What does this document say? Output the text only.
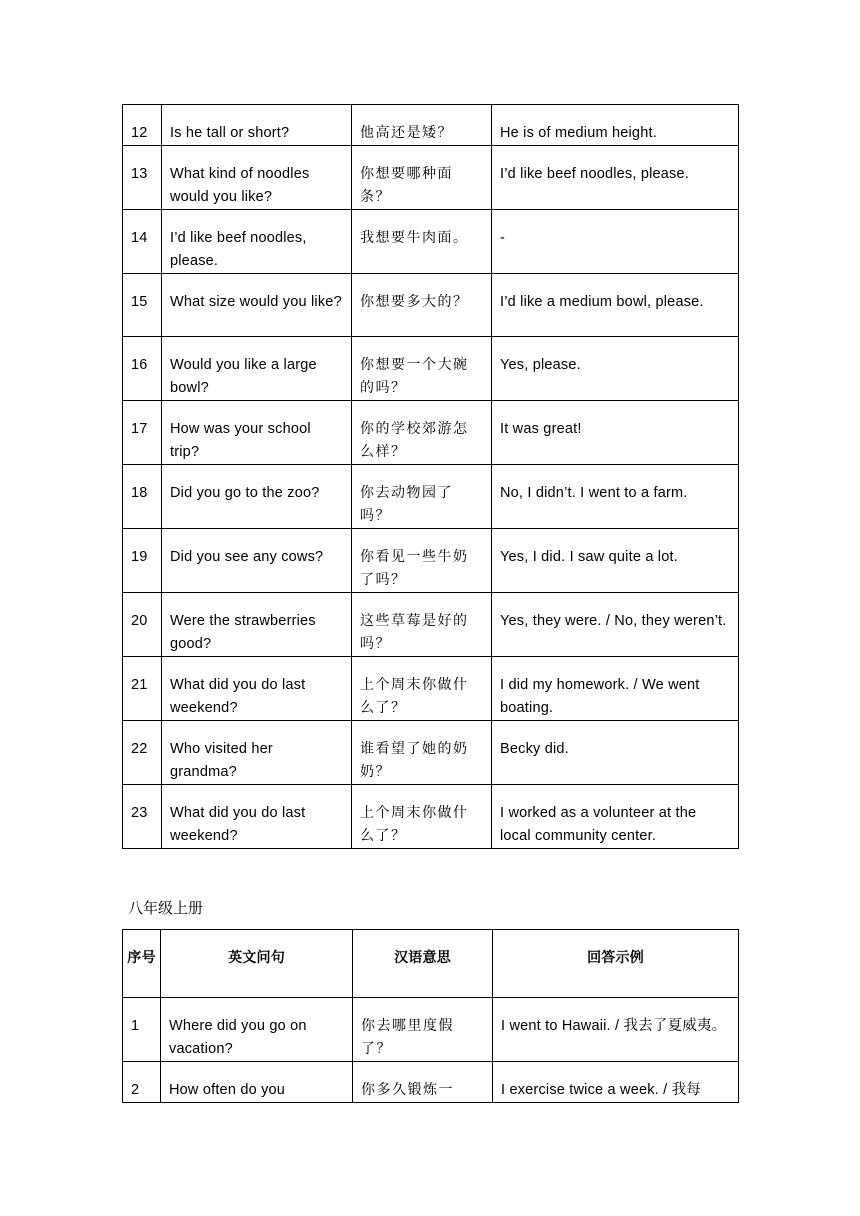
12	Is he tall or short?	他高还是矮？	He is of medium height.
13	What kind of noodles would you like?	你想要哪种面条？	I’d like beef noodles, please.
14	I’d like beef noodles, please.	我想要牛肉面。	-
15	What size would you like?	你想要多大的？	I’d like a medium bowl, please.
16	Would you like a large bowl?	你想要一个大碗的吗？	Yes, please.
17	How was your school trip?	你的学校郊游怎么样？	It was great!
18	Did you go to the zoo?	你去动物园了吗？	No, I didn’t. I went to a farm.
19	Did you see any cows?	你看见一些牛奶了吗？	Yes, I did. I saw quite a lot.
20	Were the strawberries good?	这些草莓是好的吗？	Yes, they were. / No, they weren’t.
21	What did you do last weekend?	上个周末你做什么了？	I did my homework. / We went boating.
22	Who visited her grandma?	谁看望了她的奶奶？	Becky did.
23	What did you do last weekend?	上个周末你做什么了？	I worked as a volunteer at the local community center.
八年级上册
序号	英文问句	汉语意思	回答示例
1	Where did you go on vacation?	你去哪里度假了？	I went to Hawaii. / 我去了夏威夷。
2	How often do you	你多久锻炼一	I exercise twice a week. / 我每
